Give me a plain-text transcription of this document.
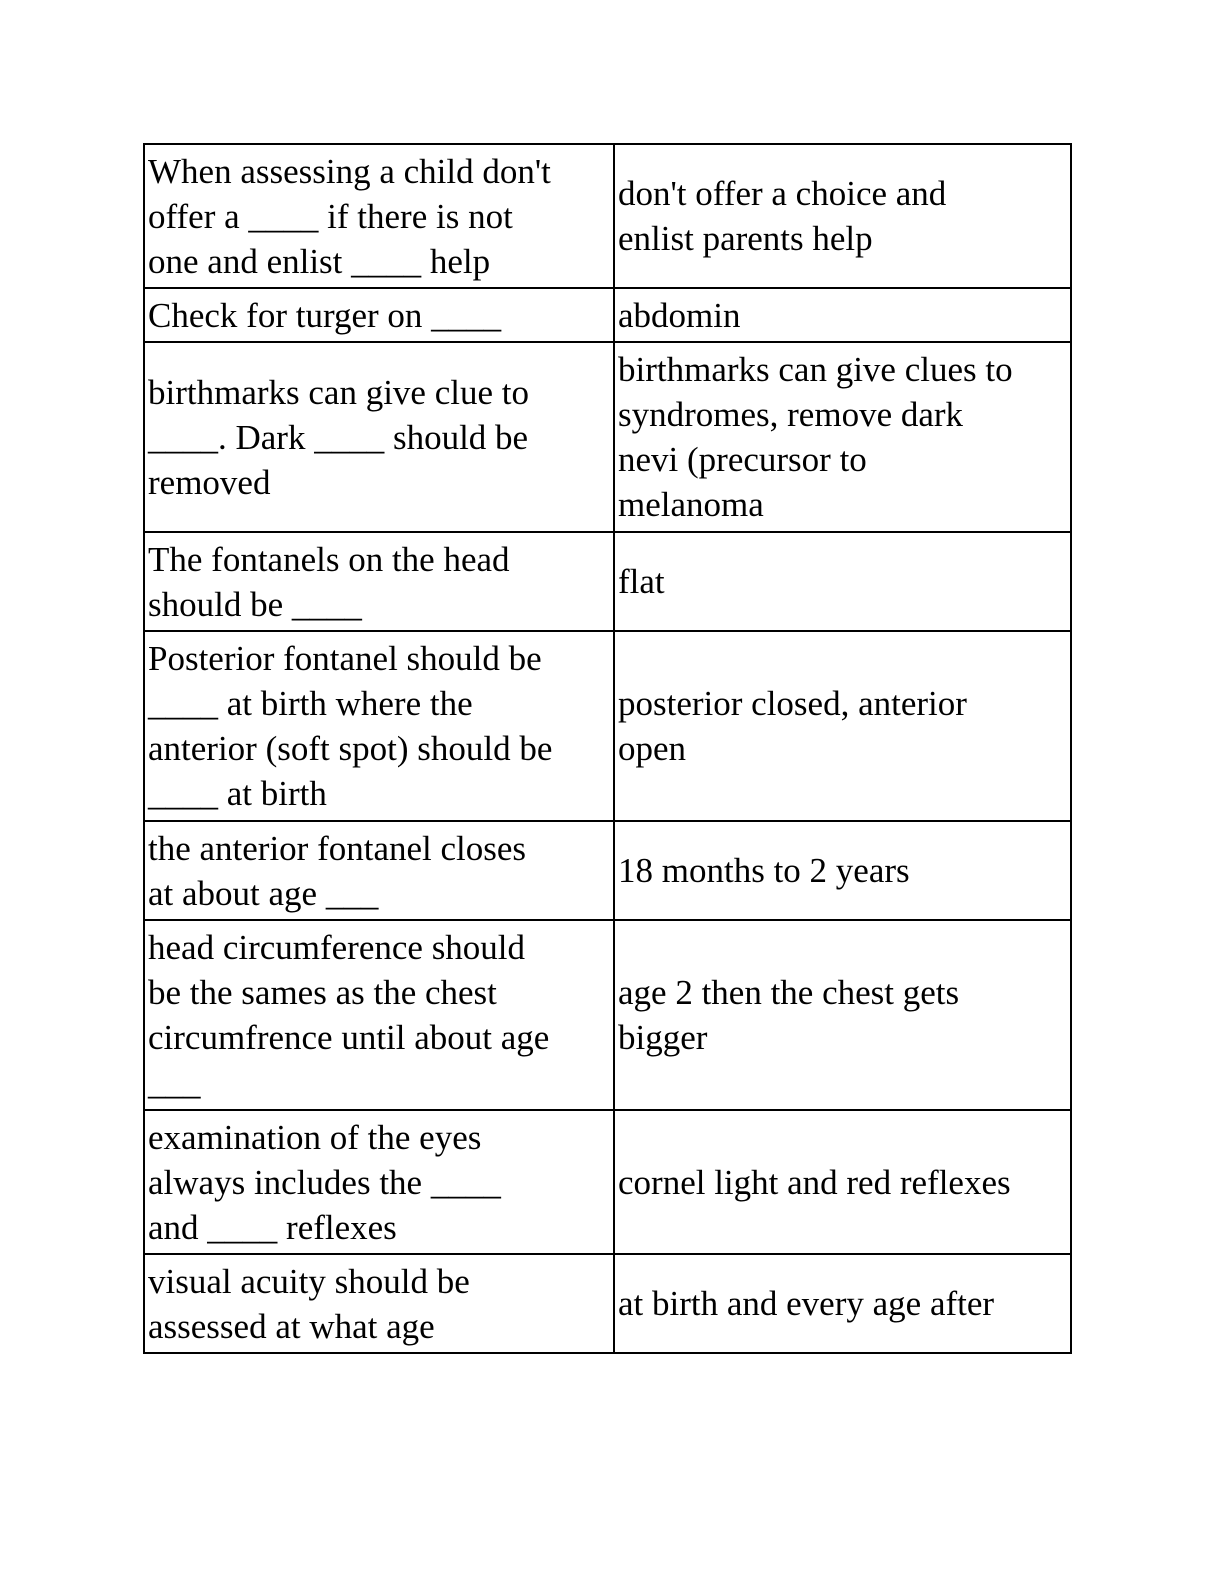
When assessing a child don't
offer a ____ if there is not
one and enlist ____ help	don't offer a choice and
enlist parents help
Check for turger on ____	abdomin
birthmarks can give clue to
____. Dark ____ should be
removed	birthmarks can give clues to
syndromes, remove dark
nevi (precursor to
melanoma
The fontanels on the head
should be ____	flat
Posterior fontanel should be
____ at birth where the
anterior (soft spot) should be
____ at birth	posterior closed, anterior
open
the anterior fontanel closes
at about age ___	18 months to 2 years
head circumference should
be the sames as the chest
circumfrence until about age
___	age 2 then the chest gets
bigger
examination of the eyes
always includes the ____
and ____ reflexes	cornel light and red reflexes
visual acuity should be
assessed at what age	at birth and every age after
